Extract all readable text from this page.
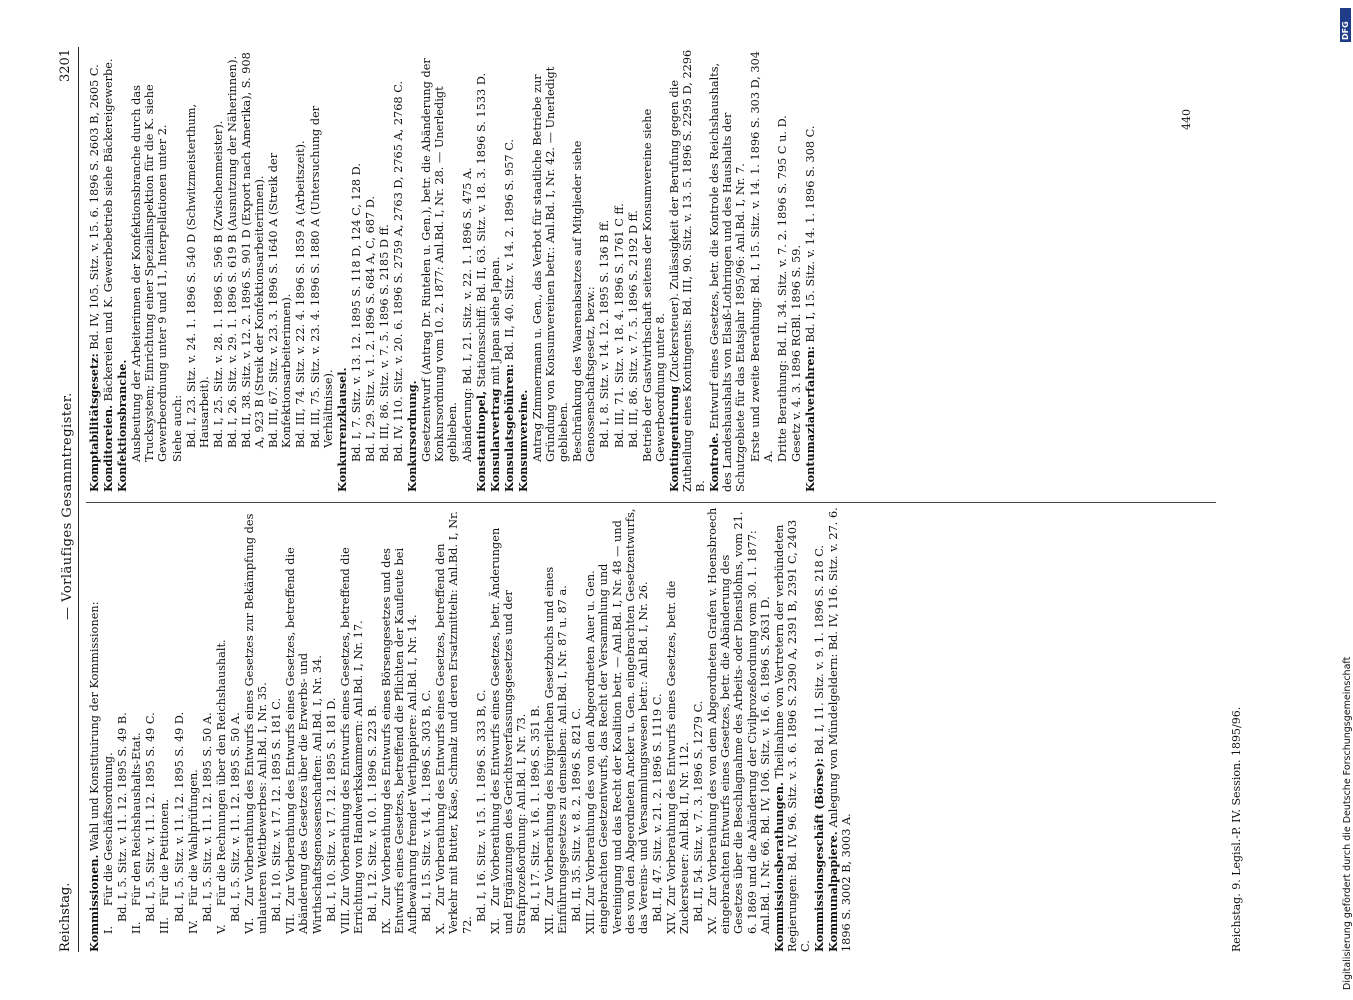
Reichstag.
— Vorläufiges Gesammtregister.
3201
Kommissionen. Wahl und Konstituirung der Kommissionen:
I.Für die Geschäftsordnung. Bd. I, 5. Sitz. v. 11. 12. 1895 S. 49 B.
II.Für den Reichshaushalts-Etat. Bd. I, 5. Sitz. v. 11. 12. 1895 S. 49 C.
III.Für die Petitionen. Bd. I, 5. Sitz. v. 11. 12. 1895 S. 49 D.
IV.Für die Wahlprüfungen. Bd. I, 5. Sitz. v. 11. 12. 1895 S. 50 A.
V.Für die Rechnungen über den Reichshaushalt. Bd. I, 5. Sitz. v. 11. 12. 1895 S. 50 A.
VI.Zur Vorberathung des Entwurfs eines Gesetzes zur Bekämpfung des unlauteren Wettbewerbes: Anl.Bd. I, Nr. 35. Bd. I, 10. Sitz. v. 17. 12. 1895 S. 181 C.
VII.Zur Vorberathung des Entwurfs eines Gesetzes, betreffend die Abänderung des Gesetzes über die Erwerbs- und Wirthschaftsgenossenschaften: Anl.Bd. I, Nr. 34. Bd. I, 10. Sitz. v. 17. 12. 1895 S. 181 D. VIII.Zur Vorberathung des Entwurfs eines Gesetzes, betreffend die Errichtung von Handwerkskammern: Anl.Bd. I, Nr. 17. Bd. I, 12. Sitz. v. 10. 1. 1896 S. 223 B.
IX.Zur Vorberathung des Entwurfs eines Börsengesetzes und des Entwurfs eines Gesetzes, betreffend die Pflichten der Kaufleute bei Aufbewahrung fremder Werthpapiere: Anl.Bd. I, Nr. 14. Bd. I, 15. Sitz. v. 14. 1. 1896 S. 303 B, C.
X.Zur Vorberathung des Entwurfs eines Gesetzes, betreffend den Verkehr mit Butter, Käse, Schmalz und deren Ersatzmitteln: Anl.Bd. I, Nr. 72.
Bd. I, 16. Sitz. v. 15. 1. 1896 S. 333 B, C.
XI.Zur Vorberathung des Entwurfs eines Gesetzes, betr. Änderungen und Ergänzungen des Gerichtsverfassungsgesetzes und der Strafprozeßordnung: Anl.Bd. I, Nr. 73. Bd. I, 17. Sitz. v. 16. 1. 1896 S. 351 B.
XII.Zur Vorberathung des bürgerlichen Gesetzbuchs und eines Einführungsgesetzes zu demselben: Anl.Bd. I, Nr. 87 u. 87 a. Bd. II, 35. Sitz. v. 8. 2. 1896 S. 821 C. XIII.Zur Vorberathung des von den Abgeordneten Auer u. Gen. eingebrachten Gesetzentwurfs, das Recht der Versammlung und Vereinigung und das Recht der Koalition betr. — Anl.Bd. I, Nr. 48 — und des von den Abgeordneten Ancker u. Gen. eingebrachten Gesetzentwurfs, das Vereins- und Versammlungswesen betr.: Anl.Bd. I, Nr. 26. Bd. II, 47. Sitz. v. 21. 2. 1896 S. 1119 C.
XIV.Zur Vorberathung des Entwurfs eines Gesetzes, betr. die Zuckersteuer: Anl.Bd. II, Nr. 112. Bd. II, 54. Sitz. v. 7. 3. 1896 S. 1279 C.
XV.Zur Vorberathung des von dem Abgeordneten Grafen v. Hoensbroech eingebrachten Entwurfs eines Gesetzes, betr. die Abänderung des Gesetzes über die Beschlagnahme des Arbeits- oder Dienstlohns, vom 21. 6. 1869 und die Abänderung der Civilprozeßordnung vom 30. 1. 1877: Anl.Bd. I, Nr. 66. Bd. IV, 106. Sitz. v. 16. 6. 1896 S. 2631 D. Kommissionsberathungen. Theilnahme von Vertretern der verbündeten Regierungen: Bd. IV, 96. Sitz. v. 3. 6. 1896 S. 2390 A, 2391 B, 2391 C, 2403 C. Kommissionsgeschäft (Börse): Bd. I, 11. Sitz. v. 9. 1. 1896 S. 218 C.
Kommunalpapiere. Anlegung von Mündelgeldern: Bd. IV, 116. Sitz. v. 27. 6. 1896 S. 3002 B, 3003 A.
Komptabilitätsgesetz: Bd. IV, 105. Sitz. v. 15. 6. 1896 S. 2603 B, 2605 C.
Konditoreien. Bäckereien und K. Gewerbebetrieb siehe Bäckereigewerbe.
Konfektionsbranche. Ausbeutung der Arbeiterinnen der Konfektionsbranche durch das Trucksystem; Einrichtung einer Spezialinspektion für die K. siehe Gewerbeordnung unter 9 und 11, Interpellationen unter 2. Siehe auch: Bd. I, 23. Sitz. v. 24. 1. 1896 S. 540 D (Schwitzmeisterthum, Hausarbeit). Bd. I, 25. Sitz. v. 28. 1. 1896 S. 596 B (Zwischenmeister). Bd. I, 26. Sitz. v. 29. 1. 1896 S. 619 B (Ausnutzung der Näherinnen). Bd. II, 38. Sitz. v. 12. 2. 1896 S. 901 D (Export nach Amerika), S. 908 A, 923 B (Streik der Konfektionsarbeiterinnen). Bd. III, 67. Sitz. v. 23. 3. 1896 S. 1640 A (Streik der Konfektionsarbeiterinnen). Bd. III, 74. Sitz. v. 22. 4. 1896 S. 1859 A (Arbeitszeit). Bd. III, 75. Sitz. v. 23. 4. 1896 S. 1880 A (Untersuchung der Verhältnisse). Konkurrenzklausel. Bd. I, 7. Sitz. v. 13. 12. 1895 S. 118 D, 124 C, 128 D. Bd. I, 29. Sitz. v. 1. 2. 1896 S. 684 A, C, 687 D. Bd. III, 86. Sitz. v. 7. 5. 1896 S. 2185 D ff. Bd. IV, 110. Sitz. v. 20. 6. 1896 S. 2759 A, 2763 D, 2765 A, 2768 C. Konkursordnung. Gesetzentwurf (Antrag Dr. Rintelen u. Gen.), betr. die Abänderung der Konkursordnung vom 10. 2. 1877: Anl.Bd. I, Nr. 28. — Unerledigt geblieben. Abänderung: Bd. I, 21. Sitz. v. 22. 1. 1896 S. 475 A. Konstantinopel, Stationsschiff: Bd. II, 63. Sitz. v. 18. 3. 1896 S. 1533 D.
Konsularvertrag mit Japan siehe Japan.
Konsulatsgebühren: Bd. II, 40. Sitz. v. 14. 2. 1896 S. 957 C.
Konsumvereine. Antrag Zimmermann u. Gen., das Verbot für staatliche Betriebe zur Gründung von Konsumvereinen betr.: Anl.Bd. I, Nr. 42. — Unerledigt geblieben. Beschränkung des Waarenabsatzes auf Mitglieder siehe Genossenschaftsgesetz, bezw.: Bd. I, 8. Sitz. v. 14. 12. 1895 S. 136 B ff. Bd. III, 71. Sitz. v. 18. 4. 1896 S. 1761 C ff. Bd. III, 86. Sitz. v. 7. 5. 1896 S. 2192 D ff. Betrieb der Gastwirthschaft seitens der Konsumvereine siehe Gewerbeordnung unter 8. Kontingentirung (Zuckersteuer). Zulässigkeit der Berufung gegen die Zutheilung eines Kontingents: Bd. III, 90. Sitz. v. 13. 5. 1896 S. 2295 D, 2296 B. Kontrole. Entwurf eines Gesetzes, betr. die Kontrole des Reichshaushalts, des Landeshaushalts von Elsaß-Lothringen und des Haushalts der Schutzgebiete für das Etatsjahr 1895/96: Anl.Bd. I, Nr. 7. Erste und zweite Berathung: Bd. I, 15. Sitz. v. 14. 1. 1896 S. 303 D, 304 A. Dritte Berathung: Bd. II, 34. Sitz. v. 7. 2. 1896 S. 795 C u. D. Gesetz v. 4. 3. 1896 RGBl. 1896 S. 59. Kontumazialverfahren: Bd. I, 15. Sitz. v. 14. 1. 1896 S. 308 C.
Reichstag. 9. Legisl.-P. IV. Session. 1895/96.
440
Digitalisierung gefördert durch die Deutsche Forschungsgemeinschaft
DFG
